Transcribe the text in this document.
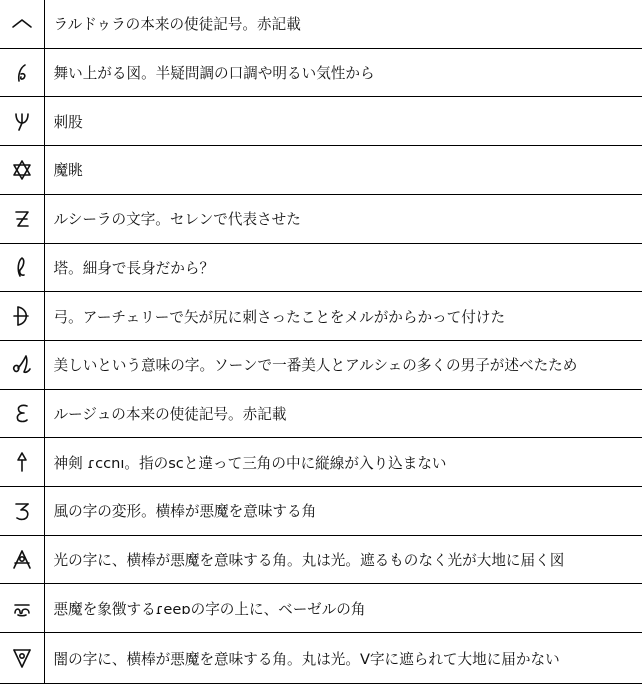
	ラルドゥラの本来の使徒記号。赤記載

	舞い上がる図。半疑問調の口調や明るい気性から

	刺股

	魔眺

	ルシーラの文字。セレンで代表させた

	塔。細身で長身だから？

	弓。アーチェリーで矢が尻に刺さったことをメルがからかって付けた

	美しいという意味の字。ソーンで一番美人とアルシェの多くの男子が述べたため

	ルージュの本来の使徒記号。赤記載

	神剣 ɾccnı。指のscと違って三角の中に縦線が入り込まない

	風の字の変形。横棒が悪魔を意味する角

	光の字に、横棒が悪魔を意味する角。丸は光。遮るものなく光が大地に届く図

	悪魔を象徴するɾeeɒの字の上に、ベーゼルの角

	闇の字に、横棒が悪魔を意味する角。丸は光。V字に遮られて大地に届かない
